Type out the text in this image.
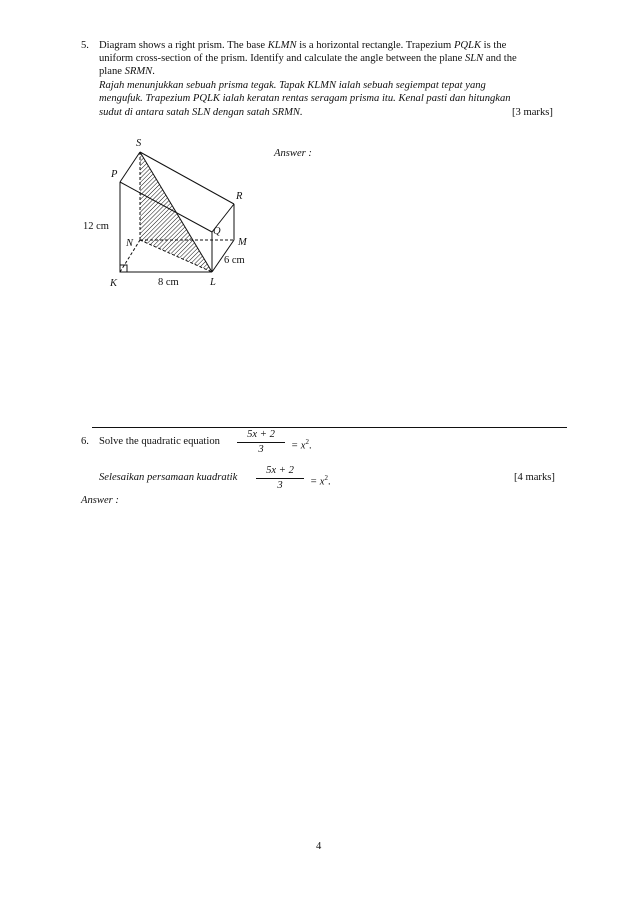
5. Diagram shows a right prism. The base KLMN is a horizontal rectangle. Trapezium PQLK is the
uniform cross-section of the prism. Identify and calculate the angle between the plane SLN and the
plane SRMN.
Rajah menunjukkan sebuah prisma tegak. Tapak KLMN ialah sebuah segiempat tepat yang
mengufuk. Trapezium PQLK ialah keratan rentas seragam prisma itu. Kenal pasti dan hitungkan
sudut di antara satah SLN dengan satah SRMN.	[3 marks]
Answer :
S
P
R
Q
N	M
K	L
12 cm
6 cm
8 cm
6. Solve the quadratic equation
5x + 2
3	= $x^2$.
Selesaikan persamaan kuadratik
5x + 2
3	= $x^2$.	[4 marks]
Answer :
4
